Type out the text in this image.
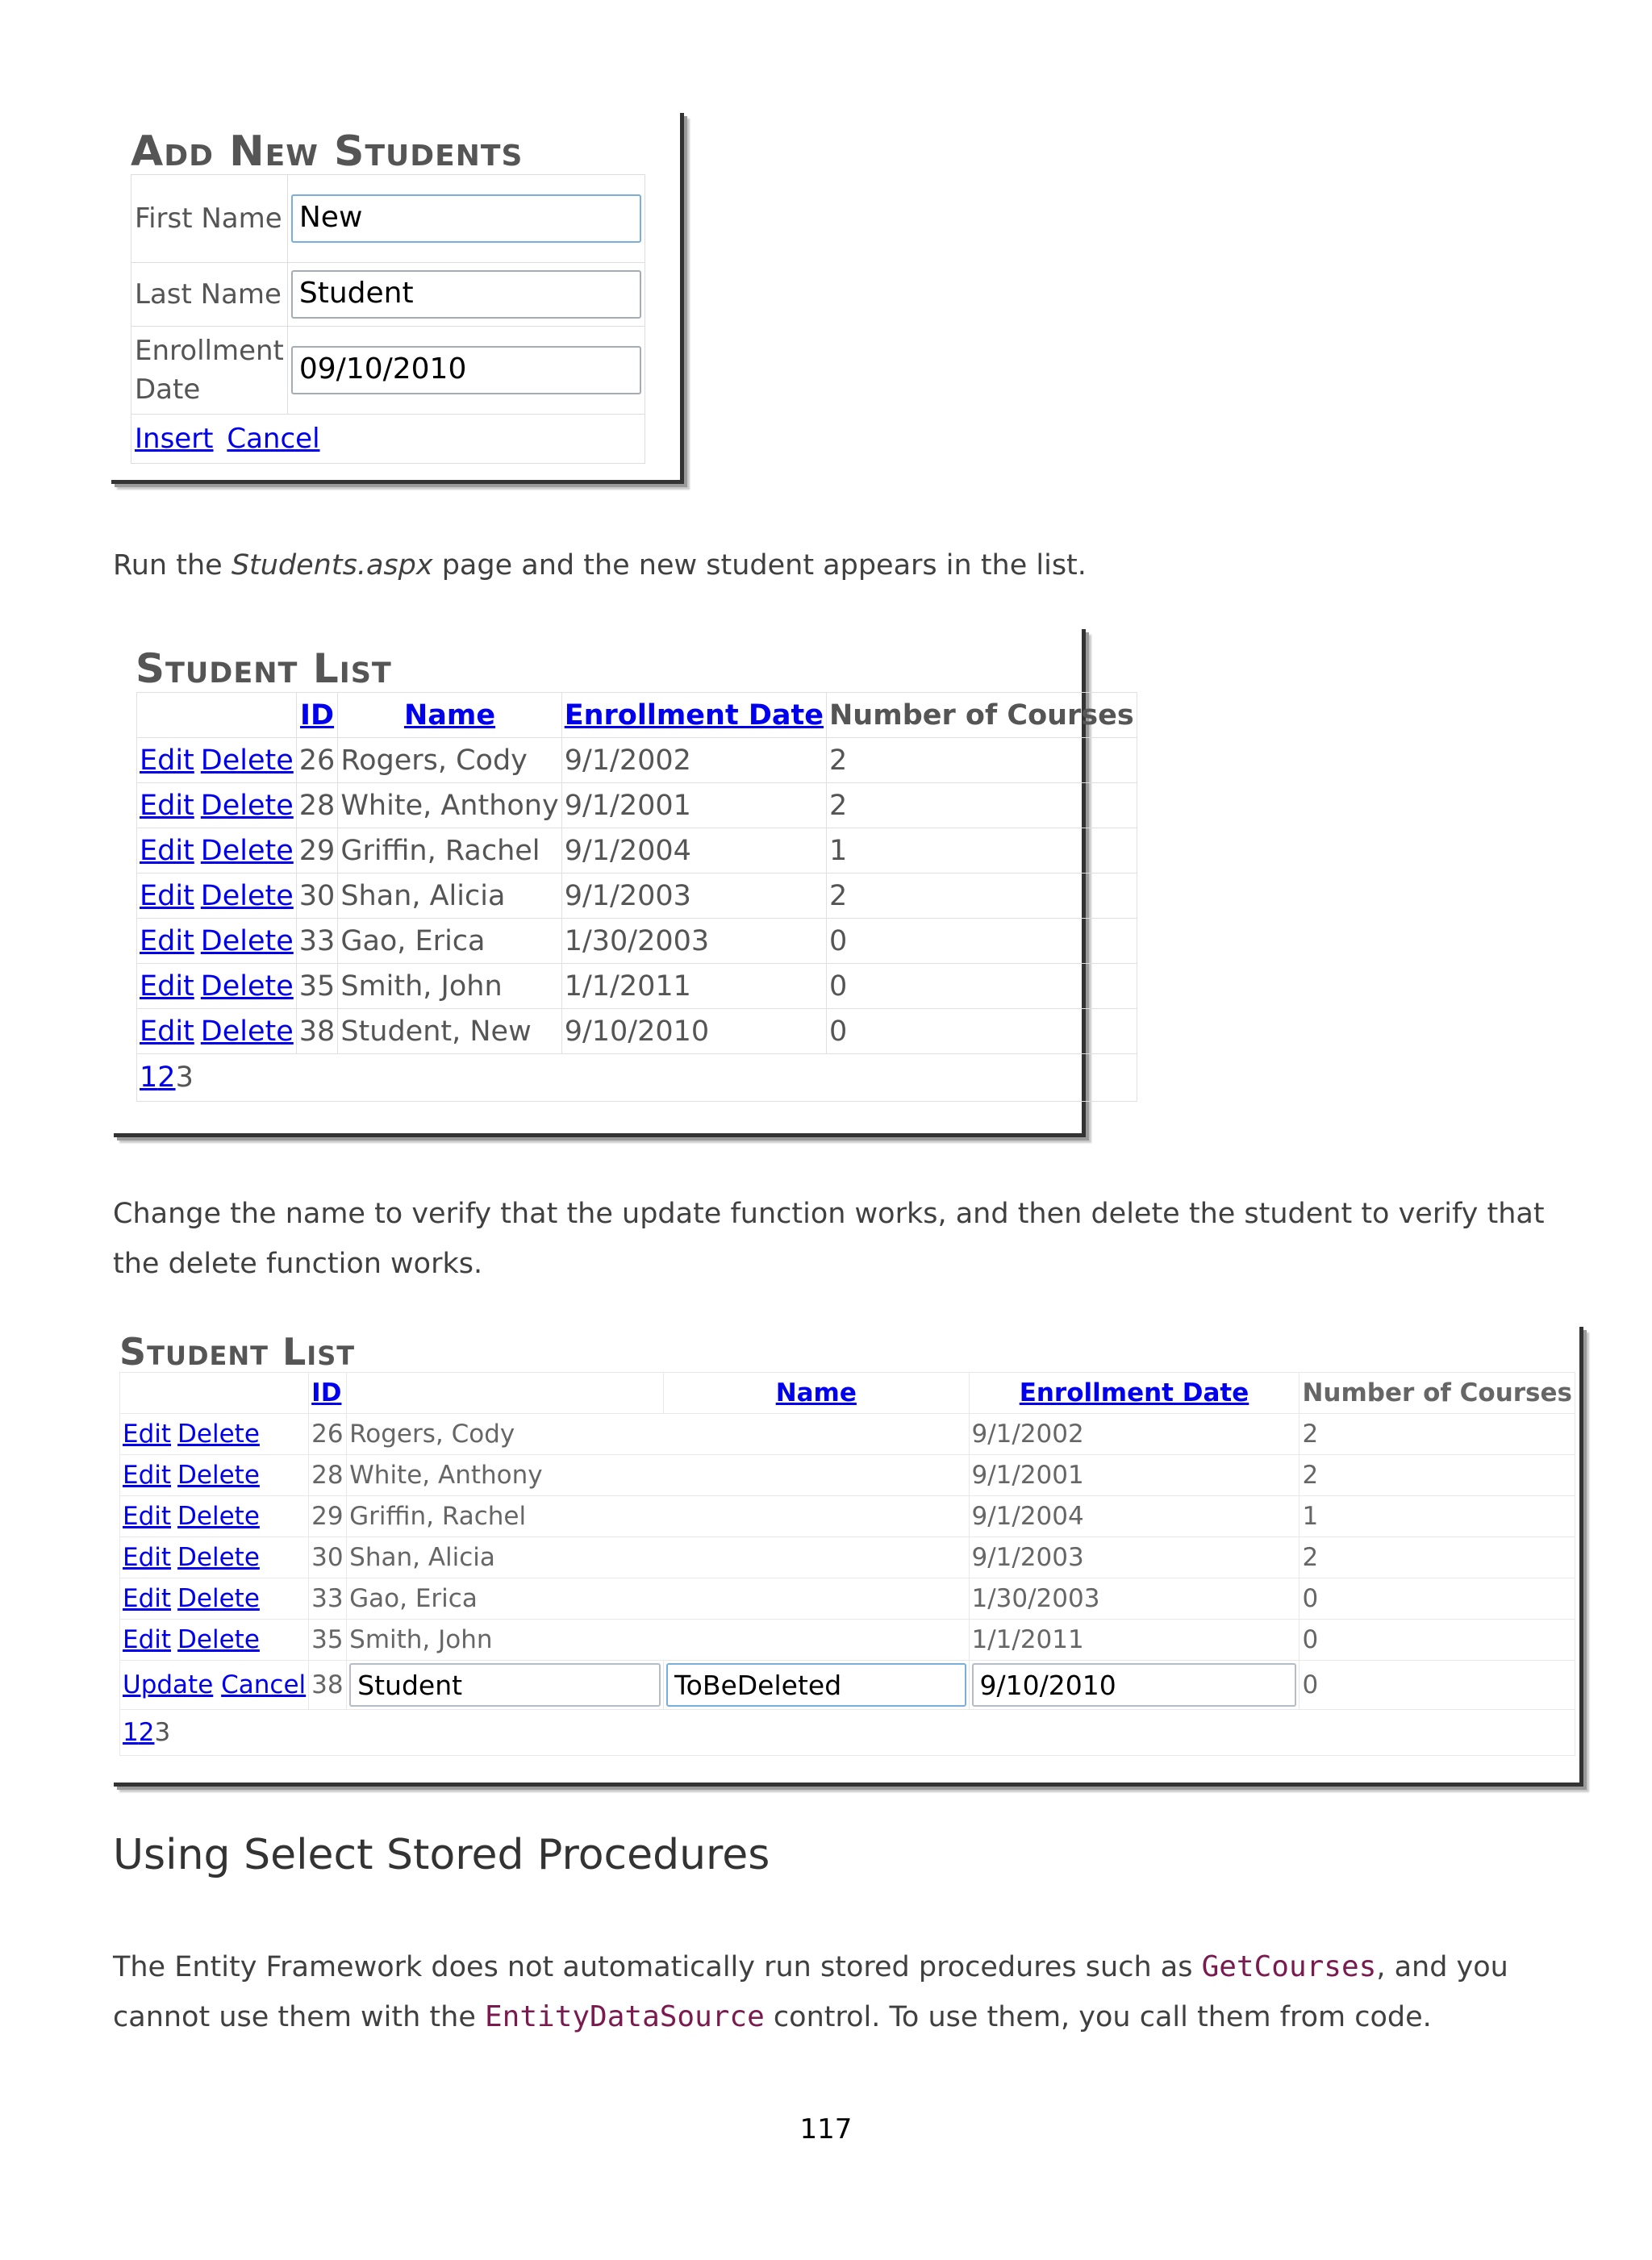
Add New Students
First Name	New

Last Name	Student

Enrollment Date	09/10/2010

Insert Cancel	
Run the Students.aspx page and the new student appears in the list.
Student List
	ID	Name	Enrollment Date	Number of Courses
Edit Delete	26	Rogers, Cody	9/1/2002	2
Edit Delete	28	White, Anthony	9/1/2001	2
Edit Delete	29	Griffin, Rachel	9/1/2004	1
Edit Delete	30	Shan, Alicia	9/1/2003	2
Edit Delete	33	Gao, Erica	1/30/2003	0
Edit Delete	35	Smith, John	1/1/2011	0
Edit Delete	38	Student, New	9/10/2010	0
123				
Change the name to verify that the update function works, and then delete the student to verify that the delete function works.
Student List
	ID		Name	Enrollment Date	Number of Courses
Edit Delete	26	Rogers, Cody		9/1/2002	2
Edit Delete	28	White, Anthony		9/1/2001	2
Edit Delete	29	Griffin, Rachel		9/1/2004	1
Edit Delete	30	Shan, Alicia		9/1/2003	2
Edit Delete	33	Gao, Erica		1/30/2003	0
Edit Delete	35	Smith, John		1/1/2011	0
Update Cancel	38	Student	ToBeDeleted	9/10/2010	0
123					
Using Select Stored Procedures
The Entity Framework does not automatically run stored procedures such as GetCourses, and you cannot use them with the EntityDataSource control. To use them, you call them from code.
117
